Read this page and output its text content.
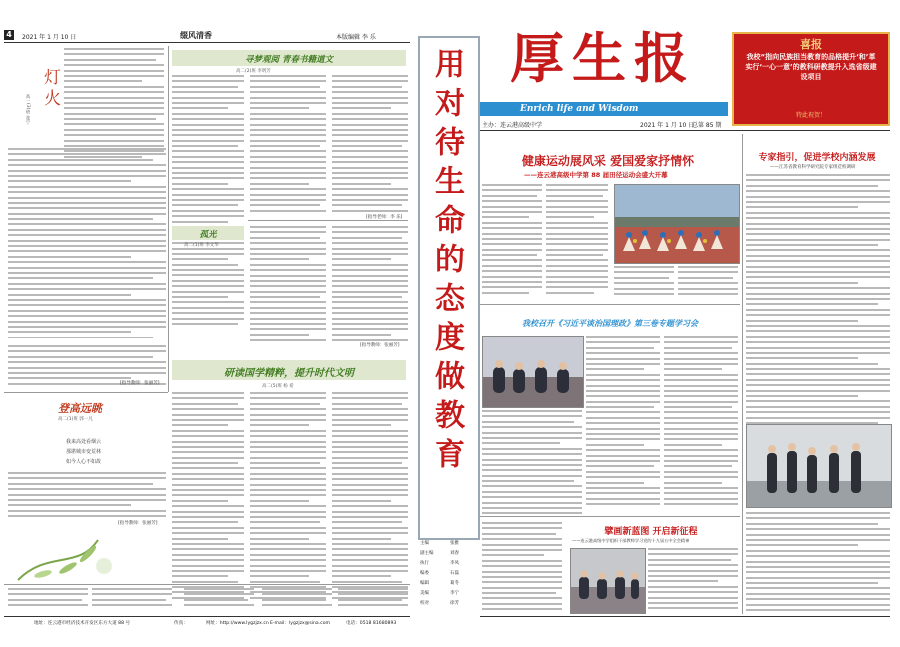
4	2021 年 1 月 10 日	缀风清香	本版编辑 李 乐
灯火
高一(3)班 张宁
[指导教师：张丽芳]
寻梦观阅 青春书籍道文
高二(2)班 李明芳
[指导老师：李 乐]
孤光
高二(1)班 李文华
[指导教师：张丽芳]
研读国学精粹，提升时代文明
高二(5)班 杨 希
登高远眺
高二(1)班 郭一凡
我来高处看烟云
那堪城市变荒林
如今人心不如故
[指导教师：张丽芳]
地址：连云港市经济技术开发区东方大道 88 号	传真：	网址：http://www.lygzjzx.cn E-mail：lygzjzx@sina.com	电话：0518 81680893
用对待生命的态度做教育
主编	张雅
副主编	刘春
执行	李凤
编委	石磊
编辑	葛冬
美编	李宁
校对	徐芳
厚生报
Enrich life and Wisdom
主办：连云港高级中学	2021 年 1 月 10 日
总第 85 期
喜报
我校“指向民族担当教育的品格提升‘和’革实行‘一心一意’的教科研教提升入选省级建设项目
特此祝贺！
健康运动展风采 爱国爱家抒情怀
——连云港高级中学第 88 届田径运动会盛大开幕
专家指引，促进学校内涵发展
——江苏省教育科学研究院专家组莅校调研
我校召开《习近平谈治国理政》第三卷专题学习会
擘画新蓝图 开启新征程
——连云港高级中学组织干部教师学习党的十九届五中全会精神
